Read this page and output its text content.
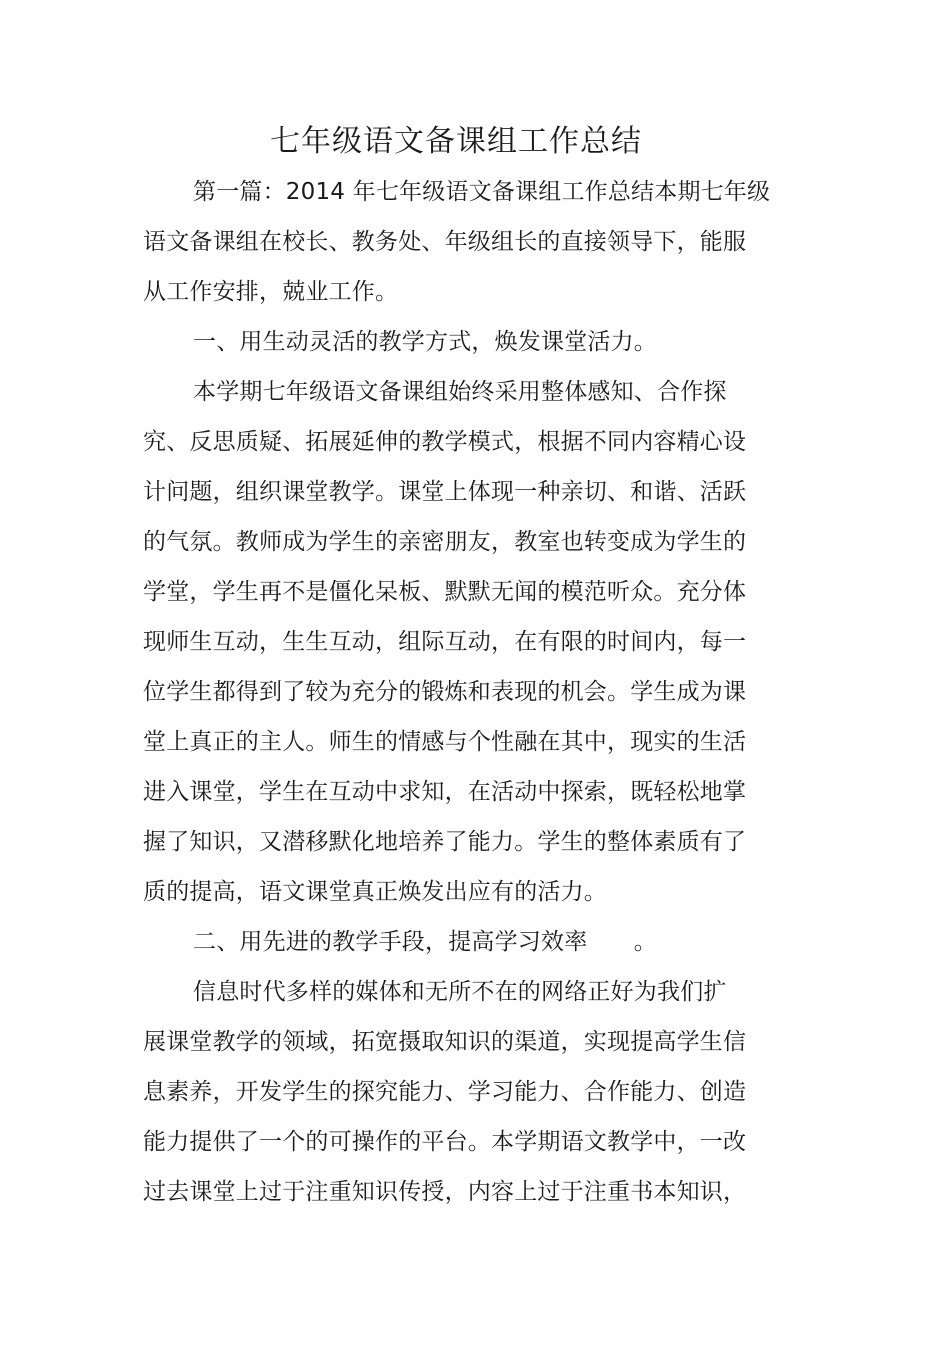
七年级语文备课组工作总结
第一篇：2014 年七年级语文备课组工作总结本期七年级
语文备课组在校长、教务处、年级组长的直接领导下，能服
从工作安排，兢业工作。
一、用生动灵活的教学方式，焕发课堂活力。
本学期七年级语文备课组始终采用整体感知、合作探
究、反思质疑、拓展延伸的教学模式，根据不同内容精心设
计问题，组织课堂教学。课堂上体现一种亲切、和谐、活跃
的气氛。教师成为学生的亲密朋友，教室也转变成为学生的
学堂，学生再不是僵化呆板、默默无闻的模范听众。充分体
现师生互动，生生互动，组际互动，在有限的时间内，每一
位学生都得到了较为充分的锻炼和表现的机会。学生成为课
堂上真正的主人。师生的情感与个性融在其中，现实的生活
进入课堂，学生在互动中求知，在活动中探索，既轻松地掌
握了知识，又潜移默化地培养了能力。学生的整体素质有了
质的提高，语文课堂真正焕发出应有的活力。
二、用先进的教学手段，提高学习效率　　。
信息时代多样的媒体和无所不在的网络正好为我们扩
展课堂教学的领域，拓宽摄取知识的渠道，实现提高学生信
息素养，开发学生的探究能力、学习能力、合作能力、创造
能力提供了一个的可操作的平台。本学期语文教学中，一改
过去课堂上过于注重知识传授，内容上过于注重书本知识，
